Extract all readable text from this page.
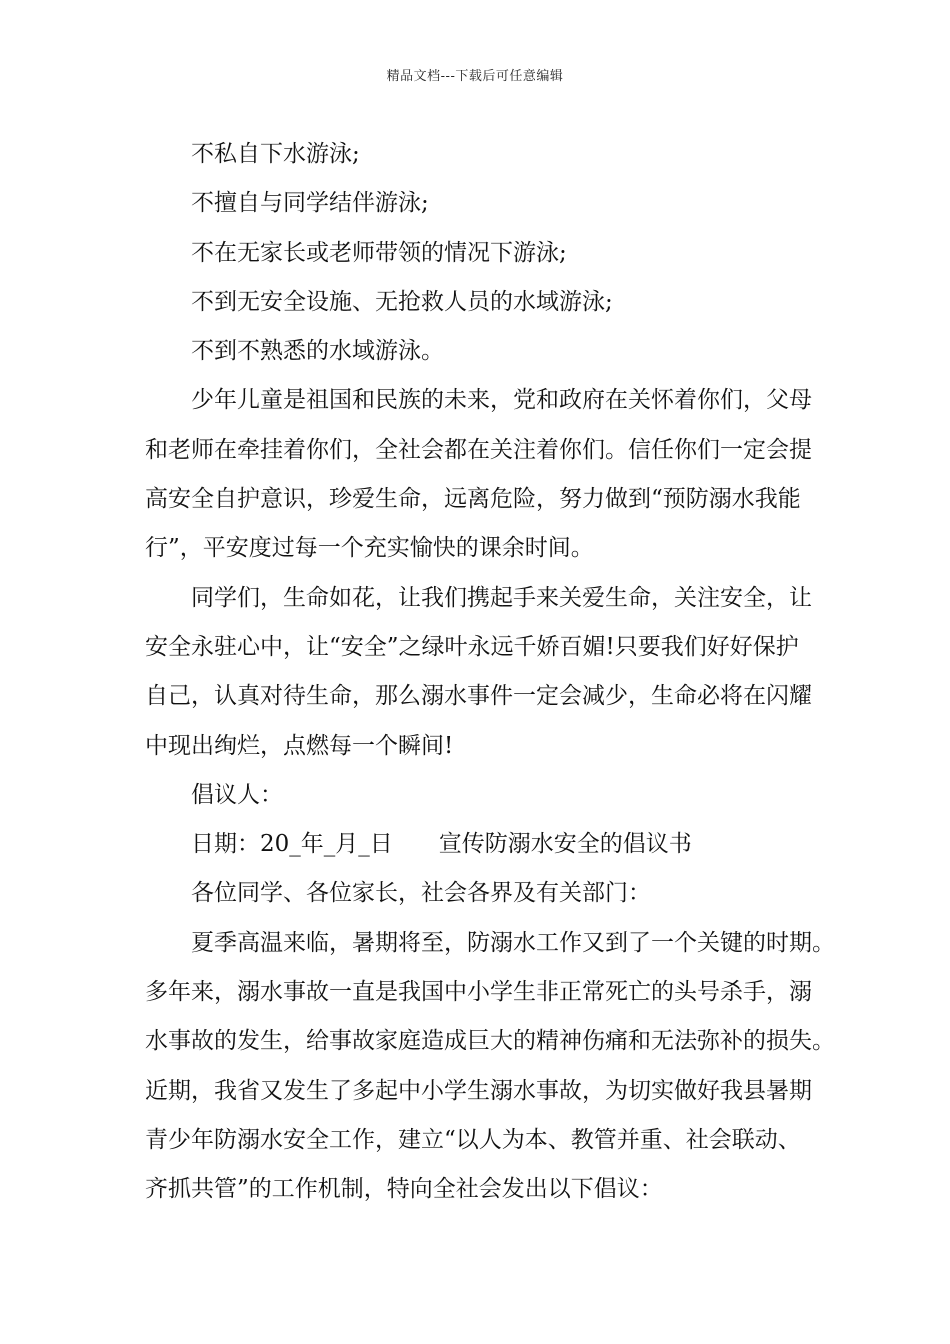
精品文档---下载后可任意编辑
不私自下水游泳;
不擅自与同学结伴游泳;
不在无家长或老师带领的情况下游泳;
不到无安全设施、无抢救人员的水域游泳;
不到不熟悉的水域游泳。
少年儿童是祖国和民族的未来，党和政府在关怀着你们，父母
和老师在牵挂着你们，全社会都在关注着你们。信任你们一定会提
高安全自护意识，珍爱生命，远离危险，努力做到“预防溺水我能
行”，平安度过每一个充实愉快的课余时间。
同学们，生命如花，让我们携起手来关爱生命，关注安全，让
安全永驻心中，让“安全”之绿叶永远千娇百媚!只要我们好好保护
自己，认真对待生命，那么溺水事件一定会减少，生命必将在闪耀
中现出绚烂，点燃每一个瞬间!
倡议人：
日期：20_年_月_日 宣传防溺水安全的倡议书
各位同学、各位家长，社会各界及有关部门：
夏季高温来临，暑期将至，防溺水工作又到了一个关键的时期。
多年来，溺水事故一直是我国中小学生非正常死亡的头号杀手，溺
水事故的发生，给事故家庭造成巨大的精神伤痛和无法弥补的损失。
近期，我省又发生了多起中小学生溺水事故，为切实做好我县暑期
青少年防溺水安全工作，建立“以人为本、教管并重、社会联动、
齐抓共管”的工作机制，特向全社会发出以下倡议：
